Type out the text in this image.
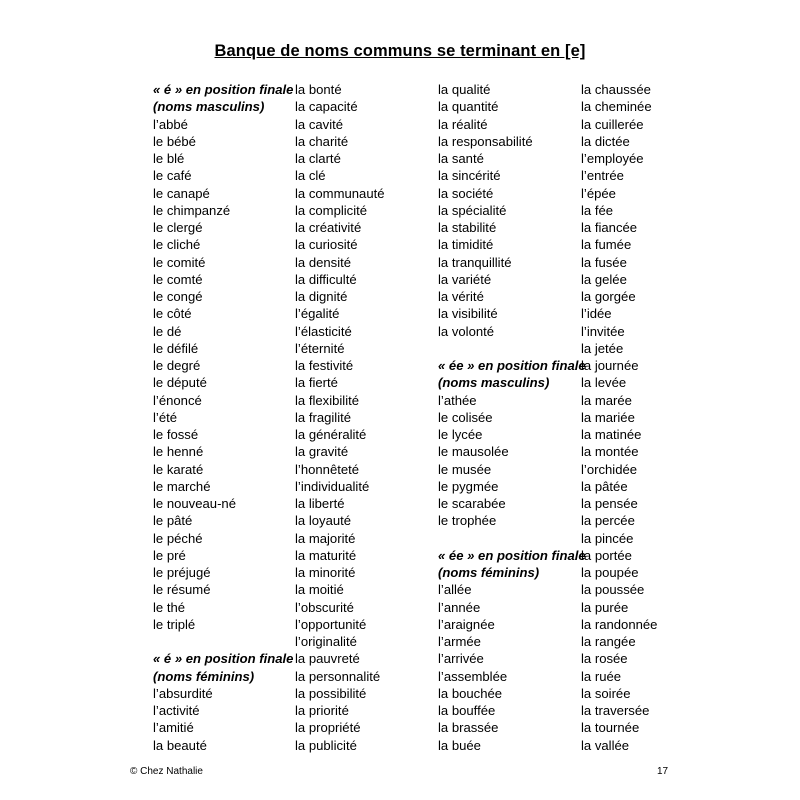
Banque de noms communs se terminant en [e]
« é » en position finale
(noms masculins)
l’abbé
le bébé
le blé
le café
le canapé
le chimpanzé
le clergé
le cliché
le comité
le comté
le congé
le côté
le dé
le défilé
le degré
le député
l’énoncé
l’été
le fossé
le henné
le karaté
le marché
le nouveau-né
le pâté
le péché
le pré
le préjugé
le résumé
le thé
le triplé
« é » en position finale
(noms féminins)
l’absurdité
l’activité
l’amitié
la beauté
la bonté
la capacité
la cavité
la charité
la clarté
la clé
la communauté
la complicité
la créativité
la curiosité
la densité
la difficulté
la dignité
l’égalité
l’élasticité
l’éternité
la festivité
la fierté
la flexibilité
la fragilité
la généralité
la gravité
l’honnêteté
l’individualité
la liberté
la loyauté
la majorité
la maturité
la minorité
la moitié
l’obscurité
l’opportunité
l’originalité
la pauvreté
la personnalité
la possibilité
la priorité
la propriété
la publicité
la qualité
la quantité
la réalité
la responsabilité
la santé
la sincérité
la société
la spécialité
la stabilité
la timidité
la tranquillité
la variété
la vérité
la visibilité
la volonté
« ée » en position finale
(noms masculins)
l’athée
le colisée
le lycée
le mausolée
le musée
le pygmée
le scarabée
le trophée
« ée » en position finale
(noms féminins)
l’allée
l’année
l’araignée
l’armée
l’arrivée
l’assemblée
la bouchée
la bouffée
la brassée
la buée
la chaussée
la cheminée
la cuillerée
la dictée
l’employée
l’entrée
l’épée
la fée
la fiancée
la fumée
la fusée
la gelée
la gorgée
l’idée
l’invitée
la jetée
la journée
la levée
la marée
la mariée
la matinée
la montée
l’orchidée
la pâtée
la pensée
la percée
la pincée
la portée
la poupée
la poussée
la purée
la randonnée
la rangée
la rosée
la ruée
la soirée
la traversée
la tournée
la vallée
© Chez Nathalie	17
